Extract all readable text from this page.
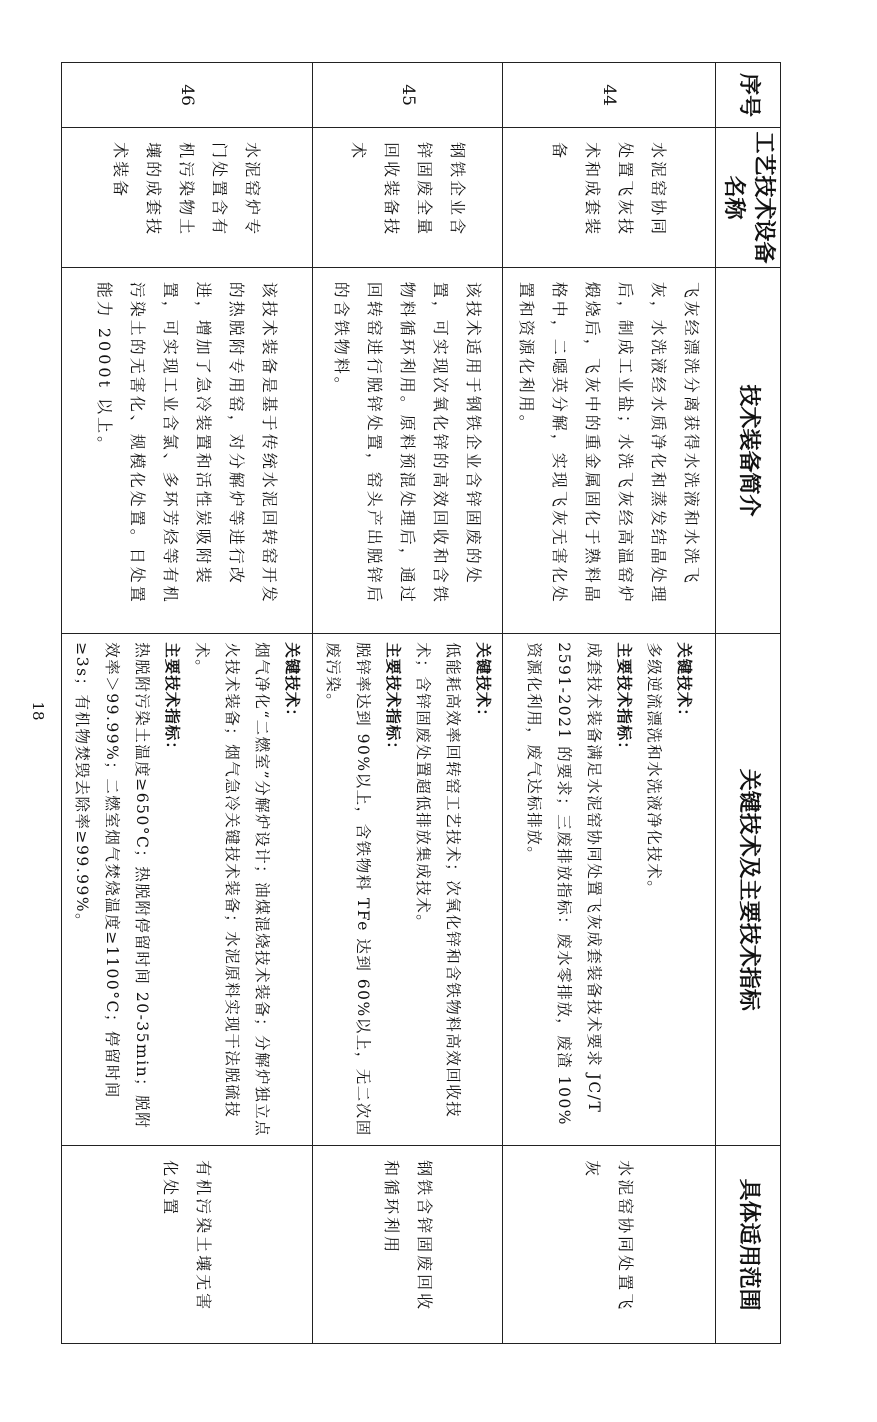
序号	工艺技术设备名称	技术装备简介	关键技术及主要技术指标	具体适用范围
44	水泥窑协同处置飞灰技术和成套装备	飞灰经漂洗分离获得水洗液和水洗飞灰，水洗液经水质净化和蒸发结晶处理后，制成工业盐；水洗飞灰经高温窑炉煅烧后，飞灰中的重金属固化于熟料晶格中，二噁英分解，实现飞灰无害化处置和资源化利用。	关键技术：
多级逆流漂洗和水洗液净化技术。
主要技术指标：
成套技术装备满足水泥窑协同处置飞灰成套装备技术要求 JC/T 2591-2021 的要求；三废排放指标：废水零排放，废渣 100%资源化利用，废气达标排放。	水泥窑协同处置飞灰

45	钢铁企业含锌固废全量回收装备技术	该技术适用于钢铁企业含锌固废的处置，可实现次氧化锌的高效回收和含铁物料循环利用。原料预混处理后，通过回转窑进行脱锌处置，窑头产出脱锌后的含铁物料。	关键技术：
低能耗高效率回转窑工艺技术；次氧化锌和含铁物料高效回收技术；含锌固废处置超低排放集成技术。
主要技术指标：
脱锌率达到 90%以上，含铁物料 TFe 达到 60%以上，无二次固废污染。	钢铁含锌固废回收和循环利用

46	水泥窑炉专门处置含有机污染物土壤的成套技术装备	该技术装备是基于传统水泥回转窑开发的热脱附专用窑，对分解炉等进行改进，增加了急冷装置和活性炭吸附装置，可实现工业含氯、多环芳烃等有机污染土的无害化、规模化处置。日处置能力 2000t 以上。	关键技术：
烟气净化“二燃室”分解炉设计；油煤混烧技术装备；分解炉独立点火技术装备；烟气急冷关键技术装备；水泥原料实现干法脱硫技术。
主要技术指标：
热脱附污染土温度≥650°C；热脱附停留时间 20-35min；脱附效率＞99.99%；二燃室烟气焚烧温度≥1100°C；停留时间≥3s；有机物焚毁去除率≥99.99%。	有机污染土壤无害化处置
18
